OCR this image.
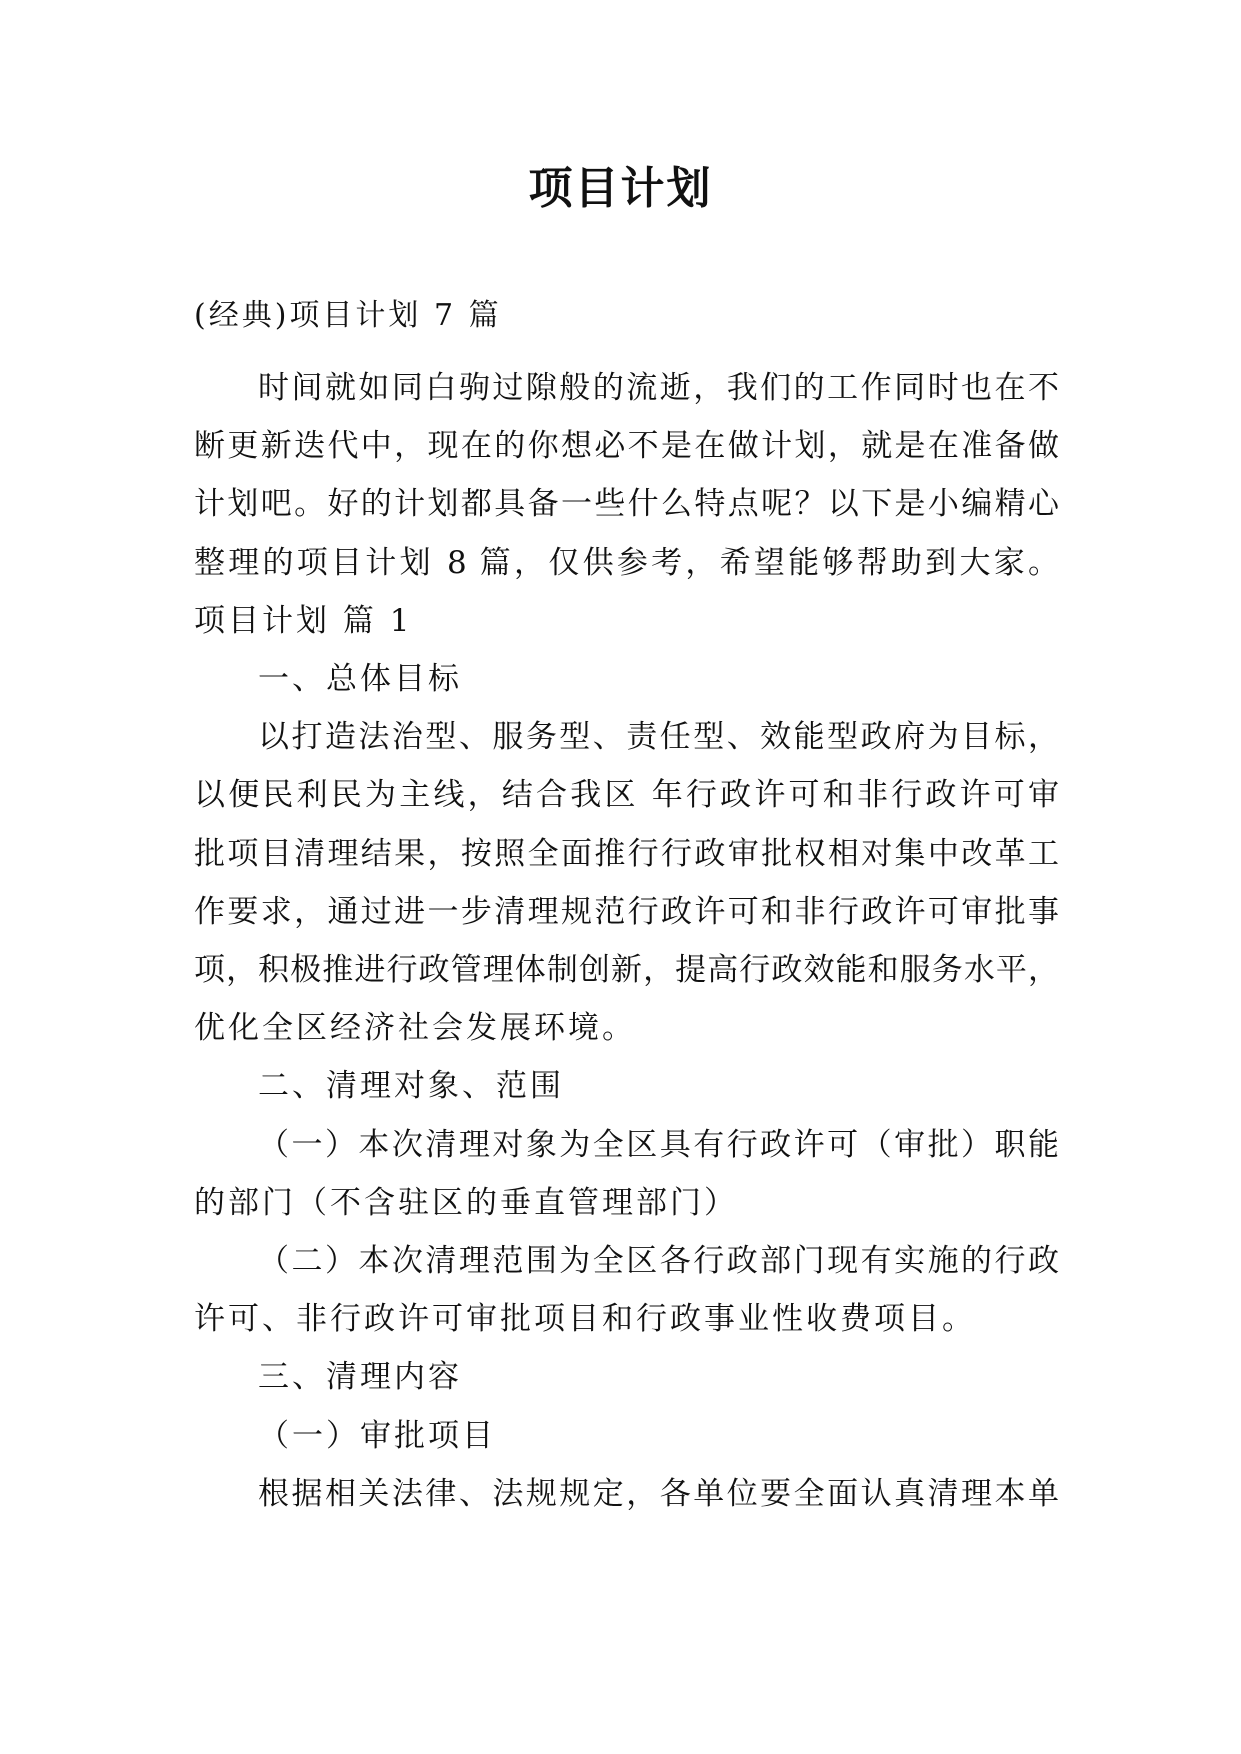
项目计划
(经典)项目计划 7 篇
时间就如同白驹过隙般的流逝，我们的工作同时也在不
断更新迭代中，现在的你想必不是在做计划，就是在准备做
计划吧。好的计划都具备一些什么特点呢？以下是小编精心
整理的项目计划 8 篇，仅供参考，希望能够帮助到大家。
项目计划 篇 1
一、总体目标
以打造法治型、服务型、责任型、效能型政府为目标，
以便民利民为主线，结合我区 年行政许可和非行政许可审
批项目清理结果，按照全面推行行政审批权相对集中改革工
作要求，通过进一步清理规范行政许可和非行政许可审批事
项，积极推进行政管理体制创新，提高行政效能和服务水平，
优化全区经济社会发展环境。
二、清理对象、范围
（一）本次清理对象为全区具有行政许可（审批）职能
的部门（不含驻区的垂直管理部门）
（二）本次清理范围为全区各行政部门现有实施的行政
许可、非行政许可审批项目和行政事业性收费项目。
三、清理内容
（一）审批项目
根据相关法律、法规规定，各单位要全面认真清理本单
